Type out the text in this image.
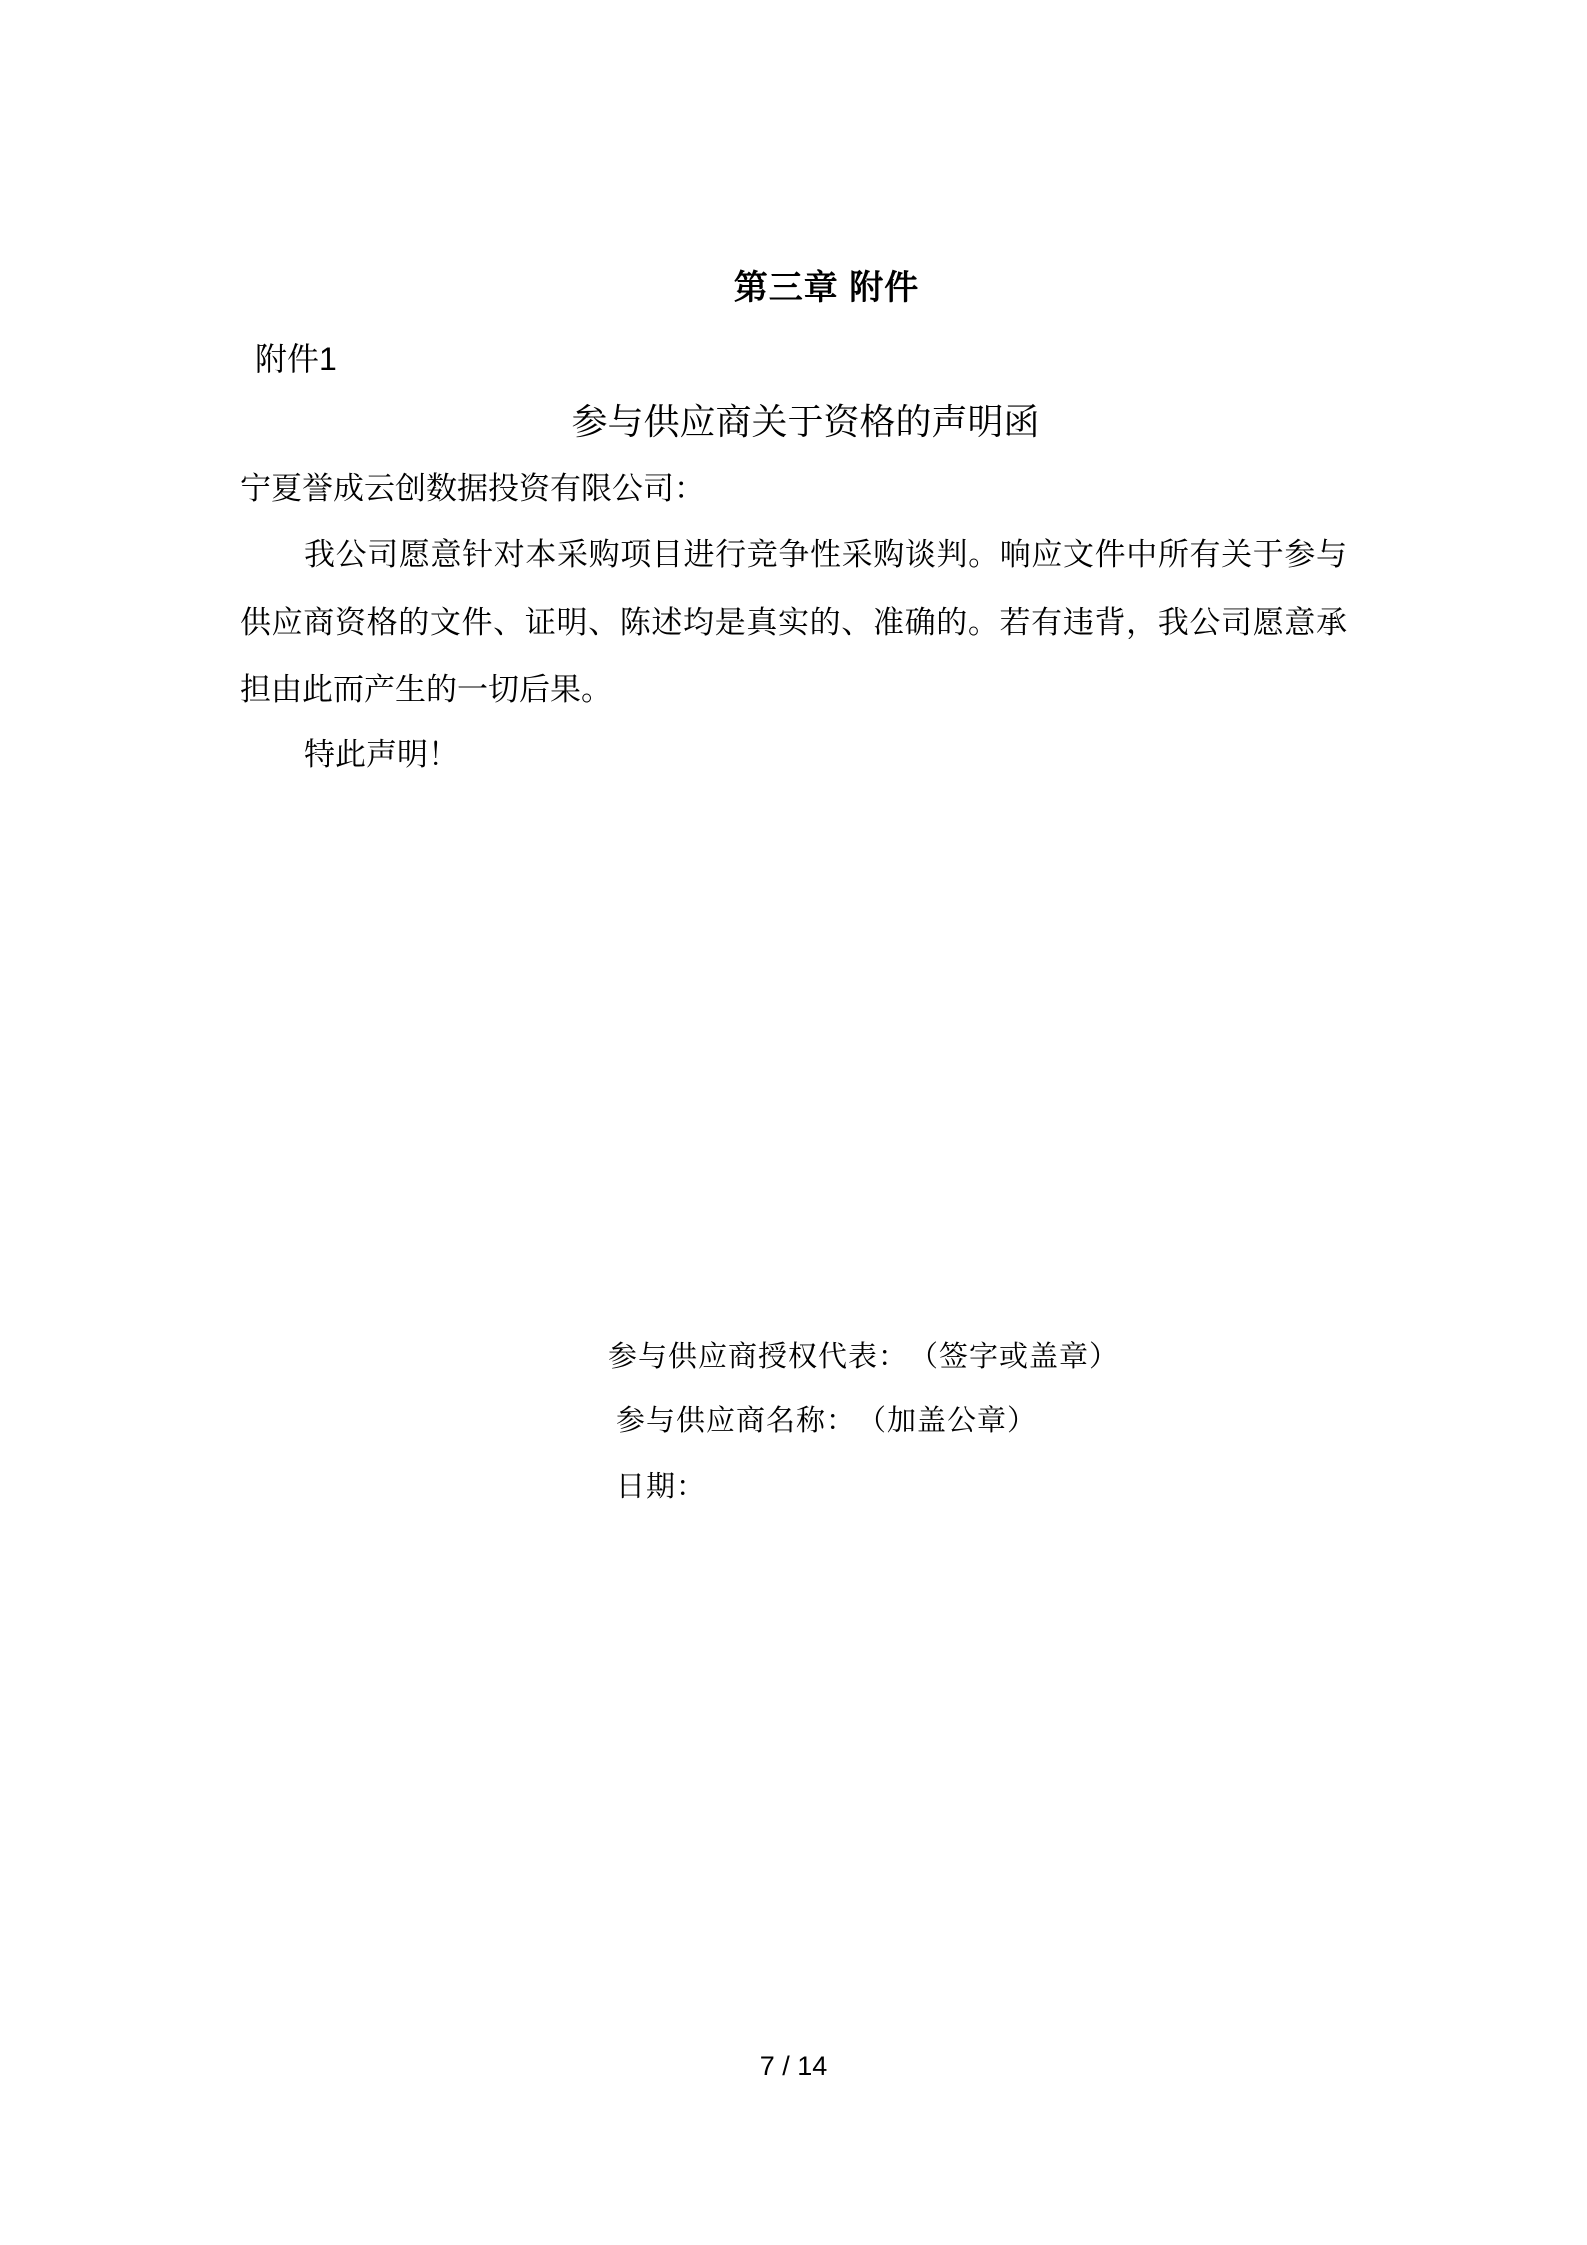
第三章 附件
附件1
参与供应商关于资格的声明函
宁夏誉成云创数据投资有限公司：
我公司愿意针对本采购项目进行竞争性采购谈判。响应文件中所有关于参与
供应商资格的文件、证明、陈述均是真实的、准确的。若有违背，我公司愿意承
担由此而产生的一切后果。
特此声明！
参与供应商授权代表：　（签字或盖章）
参与供应商名称：　（加盖公章）
日期：
7 / 14
